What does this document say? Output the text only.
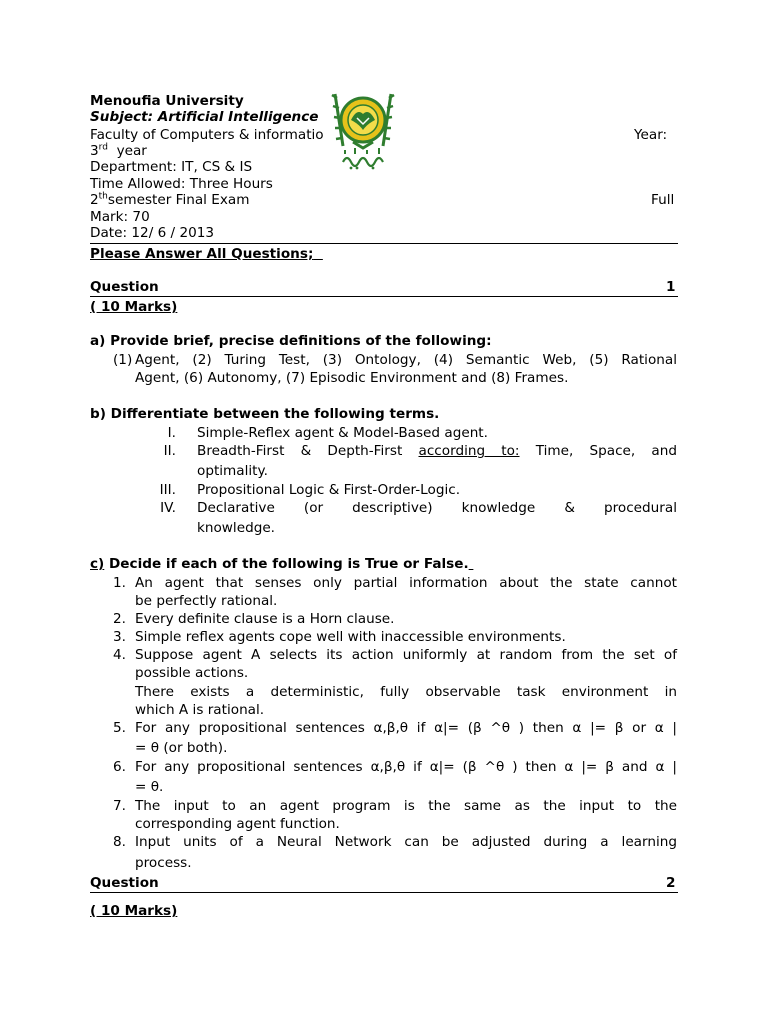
Menoufia University
Subject: Artificial Intelligence
Faculty of Computers & informatio	Year:
3rd  year
Department: IT, CS & IS
Time Allowed: Three Hours
2thsemester Final Exam	Full
Mark: 70
Date: 12/ 6 / 2013
جامعة المنوفية
Please Answer All Questions;
Question	1
( 10 Marks)
a) Provide brief, precise definitions of the following:
(1) Agent, (2) Turing Test, (3) Ontology, (4) Semantic Web, (5) Rational
Agent, (6) Autonomy, (7) Episodic Environment and (8) Frames.
b) Differentiate between the following terms.
I. Simple-Reflex agent & Model-Based agent.
II. Breadth-First & Depth-First according to: Time, Space, and
optimality.
III. Propositional Logic & First-Order-Logic.
IV. Declarative (or descriptive) knowledge & procedural
knowledge.
c) Decide if each of the following is True or False.
1. An agent that senses only partial information about the state cannot
be perfectly rational.
2. Every definite clause is a Horn clause.
3. Simple reflex agents cope well with inaccessible environments.
4. Suppose agent A selects its action uniformly at random from the set of
possible actions.
There exists a deterministic, fully observable task environment in
which A is rational.
5. For any propositional sentences α,β,θ if α|= (β ^θ ) then α |= β or α |
= θ (or both).
6. For any propositional sentences α,β,θ if α|= (β ^θ ) then α |= β and α |
= θ.
7. The input to an agent program is the same as the input to the
corresponding agent function.
8. Input units of a Neural Network can be adjusted during a learning
process.
Question	2
( 10 Marks)
